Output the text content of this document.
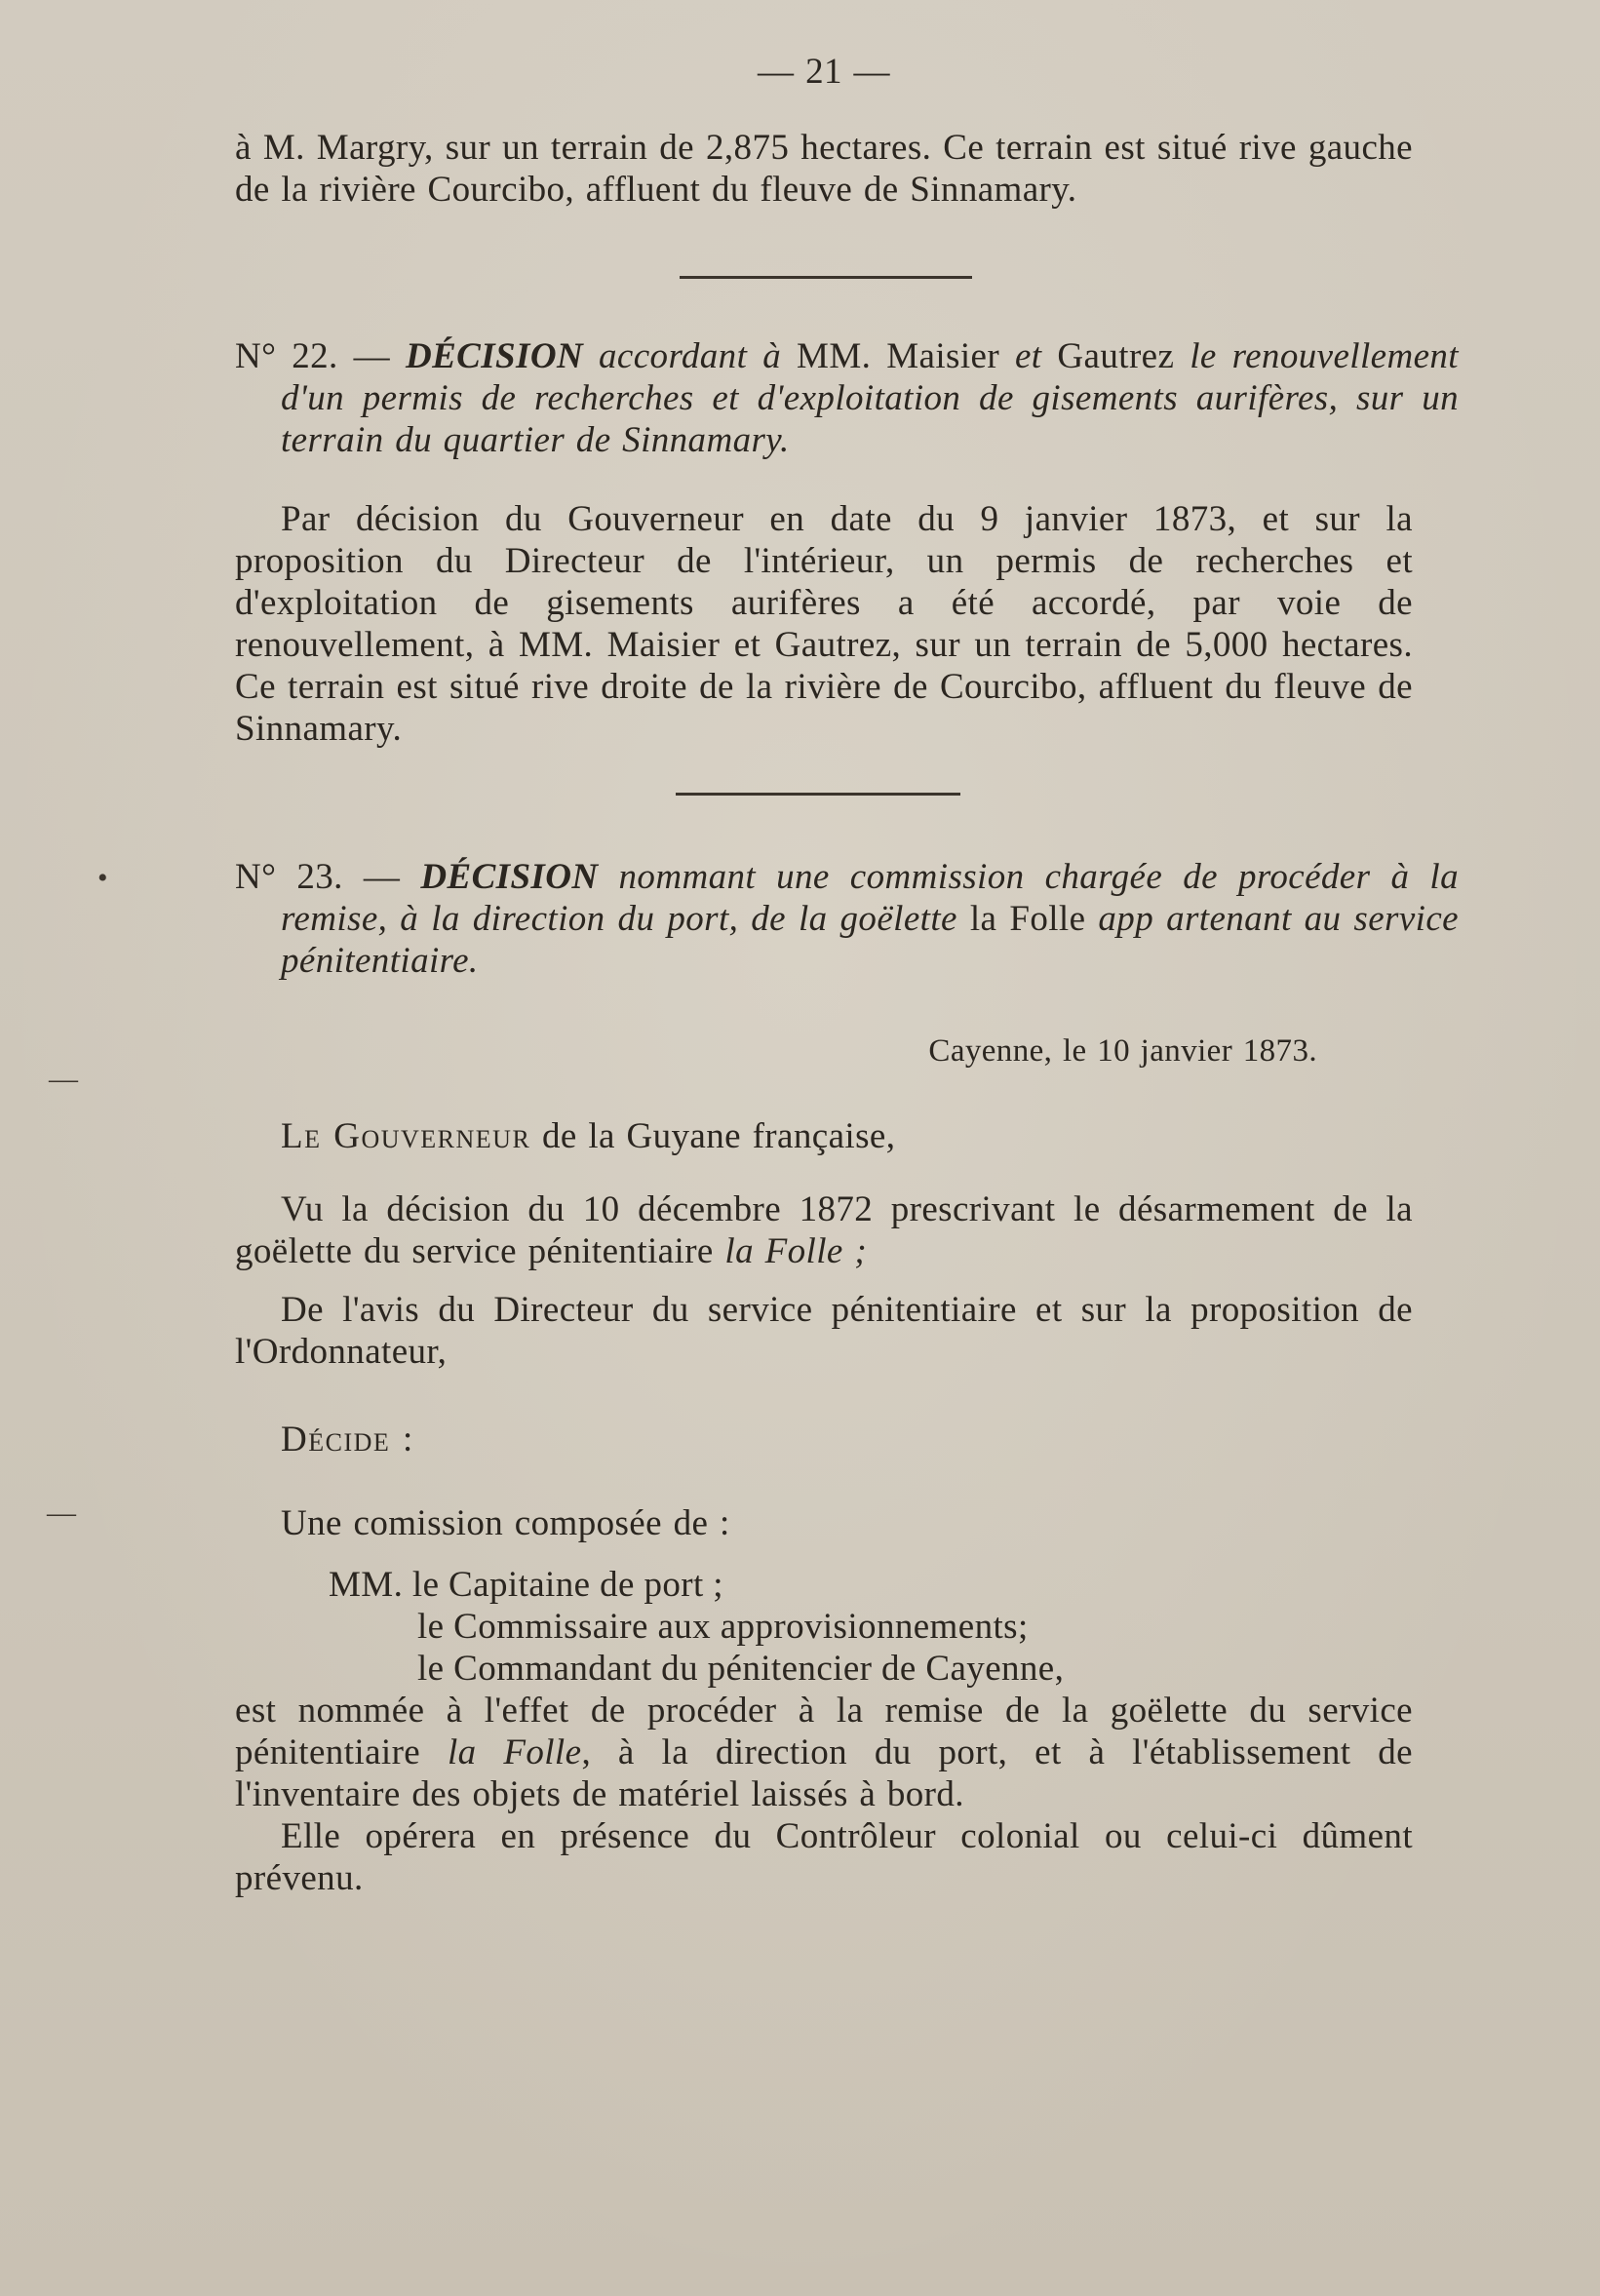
— 21 —
à M. Margry, sur un terrain de 2,875 hectares. Ce terrain est situé rive gauche de la rivière Courcibo, affluent du fleuve de Sinnamary.
N° 22. — DÉCISION accordant à MM. Maisier et Gautrez le renouvellement d'un permis de recherches et d'exploitation de gisements aurifères, sur un terrain du quartier de Sinnamary.
Par décision du Gouverneur en date du 9 janvier 1873, et sur la proposition du Directeur de l'intérieur, un permis de recherches et d'exploitation de gisements aurifères a été accordé, par voie de renouvellement, à MM. Maisier et Gautrez, sur un terrain de 5,000 hectares. Ce terrain est situé rive droite de la rivière de Courcibo, affluent du fleuve de Sinnamary.
•
—
—
N° 23. — DÉCISION nommant une commission chargée de procéder à la remise, à la direction du port, de la goëlette la Folle app artenant au service pénitentiaire.
Cayenne, le 10 janvier 1873.
Le Gouverneur de la Guyane française,
Vu la décision du 10 décembre 1872 prescrivant le désarmement de la goëlette du service pénitentiaire la Folle ;
De l'avis du Directeur du service pénitentiaire et sur la proposition de l'Ordonnateur,
Décide :
Une comission composée de :
MM. le Capitaine de port ;
le Commissaire aux approvisionnements;
le Commandant du pénitencier de Cayenne,
est nommée à l'effet de procéder à la remise de la goëlette du service pénitentiaire la Folle, à la direction du port, et à l'établissement de l'inventaire des objets de matériel laissés à bord.
Elle opérera en présence du Contrôleur colonial ou celui-ci dûment prévenu.
